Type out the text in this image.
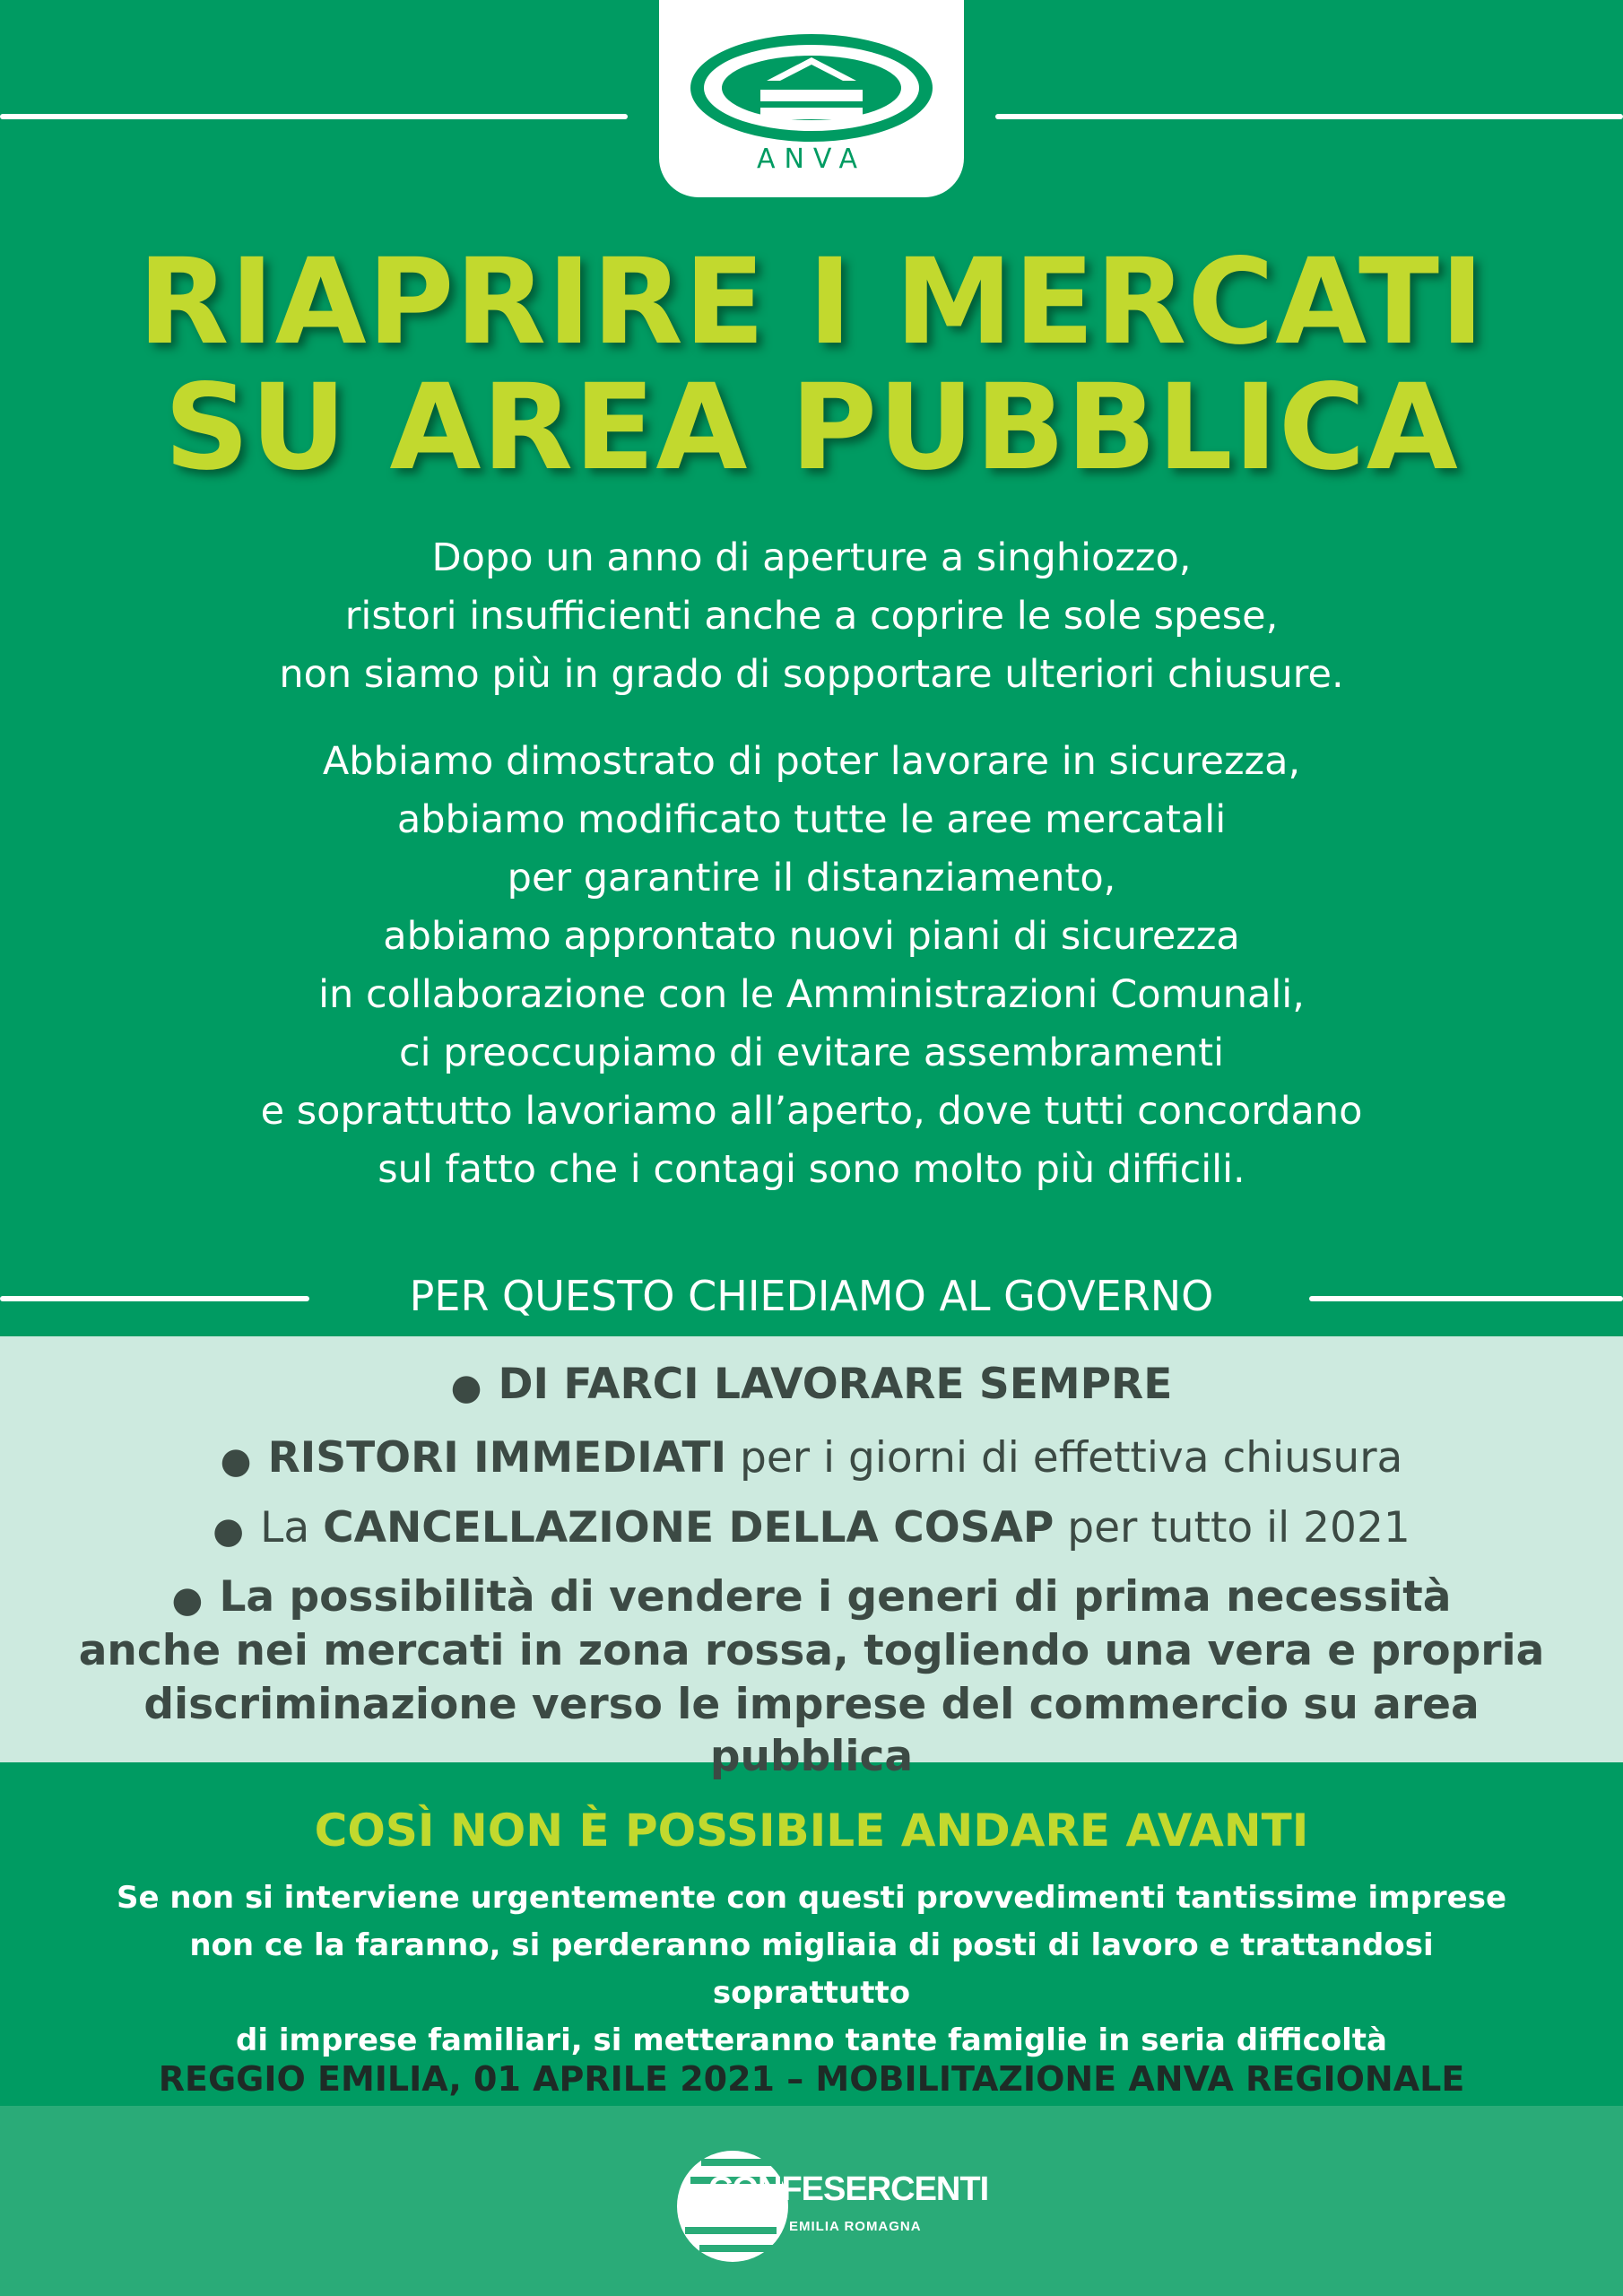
ANVA
RIAPRIRE I MERCATI
SU AREA PUBBLICA
Dopo un anno di aperture a singhiozzo,
ristori insufficienti anche a coprire le sole spese,
non siamo più in grado di sopportare ulteriori chiusure.
Abbiamo dimostrato di poter lavorare in sicurezza,
abbiamo modificato tutte le aree mercatali
per garantire il distanziamento,
abbiamo approntato nuovi piani di sicurezza
in collaborazione con le Amministrazioni Comunali,
ci preoccupiamo di evitare assembramenti
e soprattutto lavoriamo all’aperto, dove tutti concordano
sul fatto che i contagi sono molto più difficili.
PER QUESTO CHIEDIAMO AL GOVERNO
● DI FARCI LAVORARE SEMPRE
● RISTORI IMMEDIATI per i giorni di effettiva chiusura
● La CANCELLAZIONE DELLA COSAP per tutto il 2021
● La possibilità di vendere i generi di prima necessità
anche nei mercati in zona rossa, togliendo una vera e propria
discriminazione verso le imprese del commercio su area pubblica
COSÌ NON È POSSIBILE ANDARE AVANTI
Se non si interviene urgentemente con questi provvedimenti tantissime imprese
non ce la faranno, si perderanno migliaia di posti di lavoro e trattandosi soprattutto
di imprese familiari, si metteranno tante famiglie in seria difficoltà
REGGIO EMILIA, 01 APRILE 2021 – MOBILITAZIONE ANVA REGIONALE
CONFESERCENTI
EMILIA ROMAGNA
